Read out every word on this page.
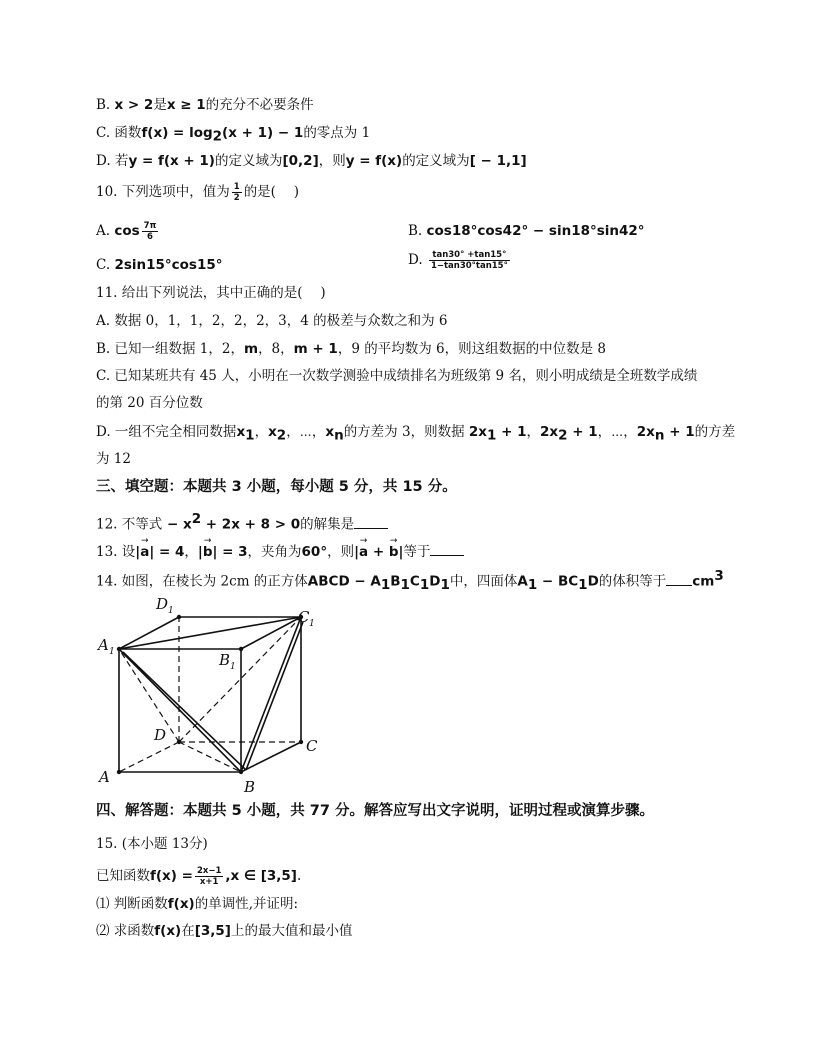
B. x > 2是x ≥ 1的充分不必要条件
C. 函数$f(x) = \log_2(x + 1) - 1$的零点为 1
D. 若y = f(x + 1)的定义域为[0,2]，则y = f(x)的定义域为[ − 1,1]
10. 下列选项中，值为 $\frac{1}{2}$ 的是(　 )
A. $\cos \frac{7\pi}{6}$	B. cos18°cos42° − sin18°sin42°
C. 2sin15°cos15°	D. $\frac{\tan 30^\circ +\tan 15^\circ}{1-\tan 30^\circ\tan 15^\circ}$
11. 给出下列说法，其中正确的是(　 )
A. 数据 0，1，1，2，2，2，3，4 的极差与众数之和为 6
B. 已知一组数据 1，2，m，8，m + 1，9 的平均数为 6，则这组数据的中位数是 8
C. 已知某班共有 45 人，小明在一次数学测验中成绩排名为班级第 9 名，则小明成绩是全班数学成绩
的第 20 百分位数
D. 一组不完全相同数据$x_1$，$x_2$，⋯，$x_n$的方差为 3，则数据 $2x_1 + 1$，$2x_2 + 1$，⋯，$2x_n + 1$的方差
为 12
三、填空题：本题共 3 小题，每小题 5 分，共 15 分。
12. 不等式 − $x^2 + 2x + 8 > 0$的解集是
13. 设|→ a| = 4，|→ b| = 3，夹角为60°，则|→ a + → b|等于
14. 如图，在棱长为 2cm 的正方体ABCD − $A_1B_1C_1D_1$中，四面体$A_1 - BC_1D$的体积等于 $cm^3$
A
B
C
D
A 1	B 1
C 1
D 1
四、解答题：本题共 5 小题，共 77 分。解答应写出文字说明，证明过程或演算步骤。
15. (本小题 13分)
已知函数$f(x) = \frac{2x-1}{x+1} ,x$ ∈ [3,5].
⑴ 判断函数f(x)的单调性,并证明:
⑵ 求函数f(x)在[3,5]上的最大值和最小值
